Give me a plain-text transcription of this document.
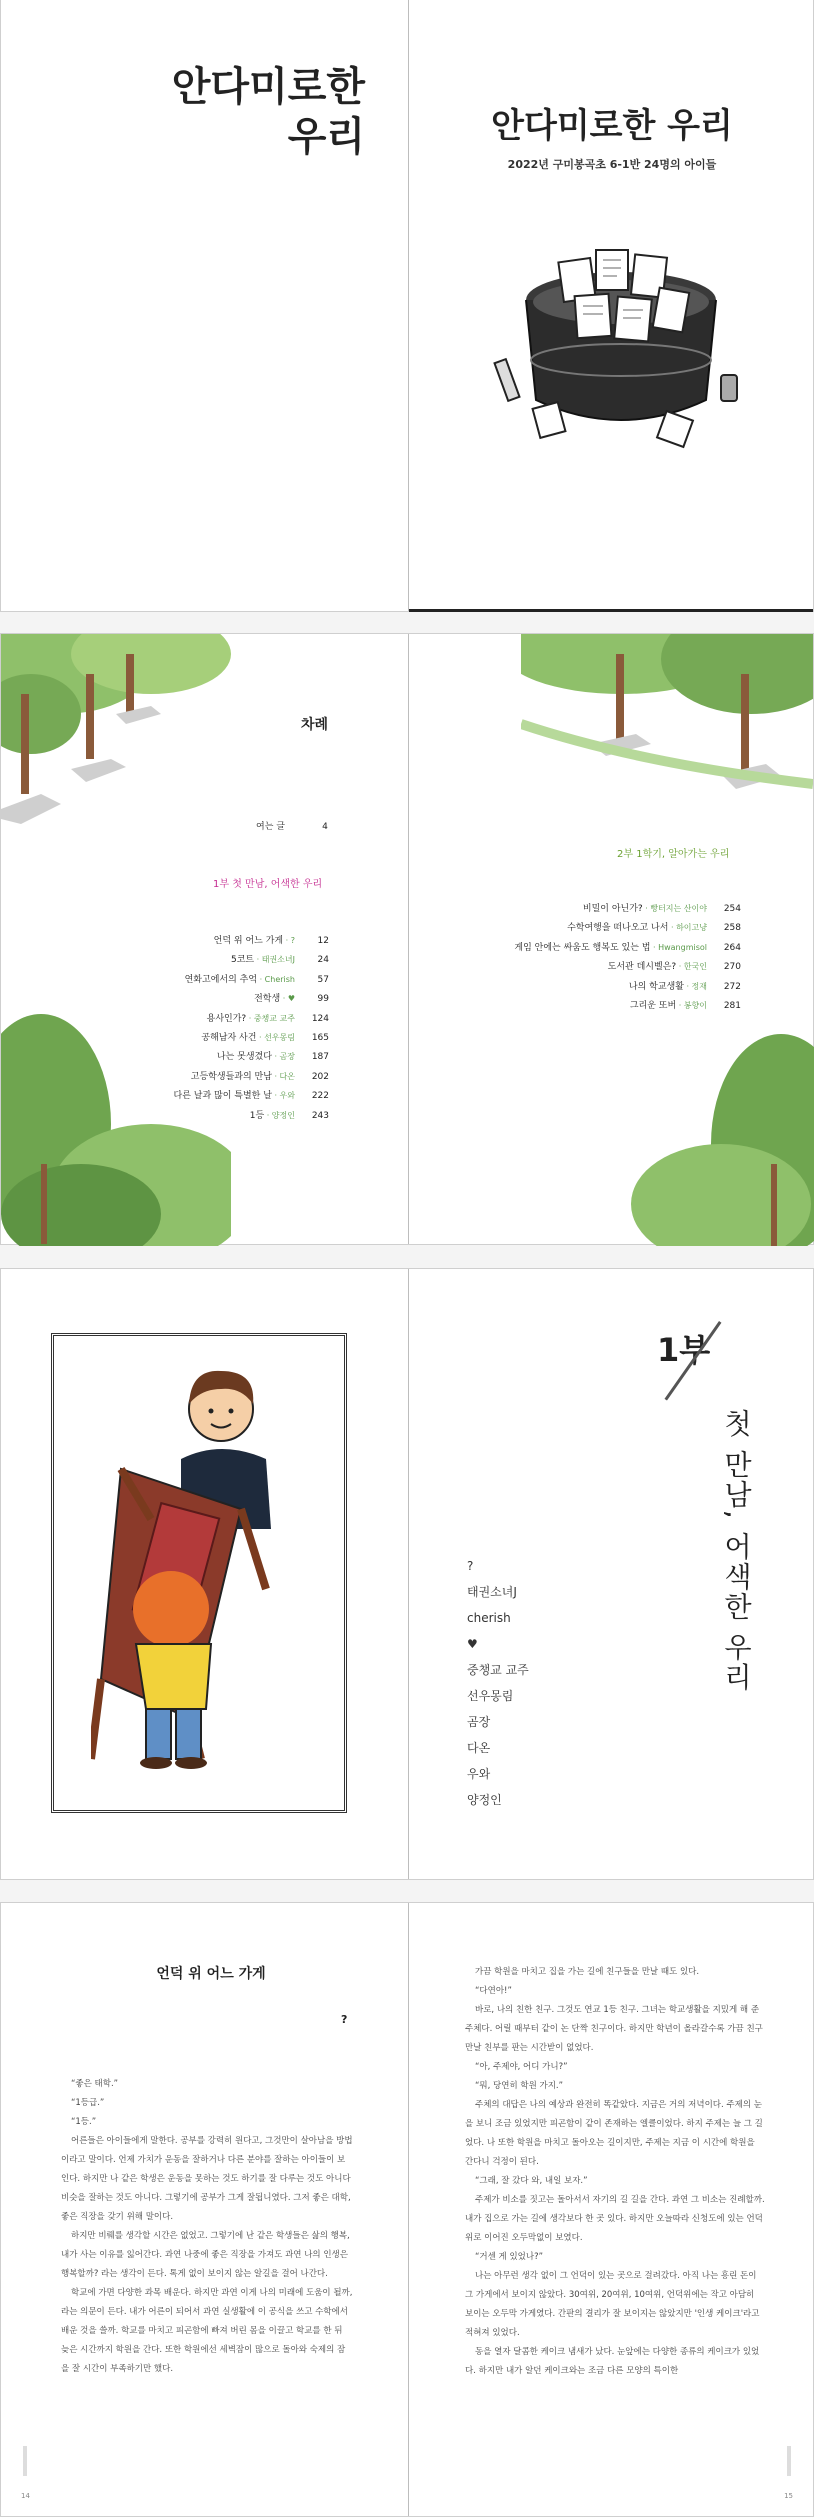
안다미로한
우리	안다미로한 우리
2022년 구미봉곡초 6-1반 24명의 아이들
차례
여는 글	4
1부 첫 만남, 어색한 우리
언덕 위 어느 가게 · ?	12
5코트 · 태권소녀J	24
연화고에서의 추억 · Cherish	57
전학생 · ♥	99
용사인가? · 중챙교 교주 124
공해남자 사건 · 선우몽림 165
나는 못생겼다 · 곰장 187
고등학생들과의 만남 · 다온 202
다른 날과 많이 특별한 날 · 우와 222
1등 · 양정인 243
2부 1학기, 알아가는 우리
비밀이 아닌가? · 빵터지는 산이야 254
수학여행을 떠나오고 나서 · 하이고냥 258
게임 안에는 싸움도 행복도 있는 법 · Hwangmisol 264
도서관 데시벨은? · 한국인 270
나의 학교생활 · 정재 272
그리운 또버 · 봉향이 281
1부
첫 만남, 어색한 우리
?
태권소녀J
cherish
♥
중챙교 교주
선우몽림
곰장
다온
우와
양정인
언덕 위 어느 가게
?

“좋은 태학.”

“1등급.”

“1등.”

어른들은 아이들에게 말한다. 공부를 강력히 원다고, 그것만이 살아남을 방법이라고 말이다. 언제 가치가 운동을 잘하거나 다른 분야를 잘하는 아이들이 보인다. 하지만 나 같은 학생은 운동을 못하는 것도 하기를 잘 다루는 것도 아니다 비슷을 잘하는 것도 아니다. 그렇기에 공부가 그게 잘됩니였다. 그저 좋은 대학, 좋은 직장을 갖기 위해 말이다.

하지만 비뤠를 생각할 시간은 없었고. 그렇기에 난 같은 학생들은 삶의 행복, 내가 사는 이유를 잃어간다. 과연 나중에 좋은 직장을 가져도 과연 나의 인생은 행복할까? 라는 생각이 든다. 톡게 없이 보이지 않는 알길을 걸어 나간다.

학교에 가면 다양한 과목 배운다. 하지만 과연 이게 나의 미래에 도움이 될까, 라는 의문이 든다. 내가 어른이 되어서 과연 실생활에 이 공식을 쓰고 수학에서 배운 것을 쓸까. 학교를 마치고 피곤함에 빠져 버린 몸을 이끌고 학교를 한 뒤 늦은 시간까지 학원을 간다. 또한 학원에선 세벽잠이 많으로 돌아와 숙제의 잠을 잘 시간이 부족하기만 했다.

가끔 학원을 마치고 집을 가는 길에 친구들을 만날 때도 있다.

“다연아!”

바로, 나의 친한 친구. 그것도 연교 1등 친구. 그녀는 학교생활을 지밌게 해 준 주체다. 어릴 때부터 같이 논 단짝 친구이다. 하지만 학년이 올라갈수록 가끔 친구 만날 친부를 판는 시간받이 없었다.

“아, 주제야, 어디 가니?”

“뭐, 당연히 학원 가지.”

주체의 대답은 나의 예상과 완전히 똑같았다. 지금은 거의 저녁이다. 주제의 눈을 보니 조금 있었지만 피곤함이 같이 존재하는 엘클이었다. 하지 주제는 늘 그 길었다. 나 또한 학원을 마치고 돌아오는 길이지만, 주제는 지금 이 시간에 학원을 간다니 걱정이 된다.

“그래, 잘 갔다 와, 내일 보자.”

주제가 비소를 짓고는 돌아서서 자기의 길 길을 간다. 과연 그 비소는 진례할까. 내가 집으로 가는 길에 생각보다 한 곳 있다. 하지만 오늘따라 신청도에 있는 언덕 위로 이어진 오두막없이 보였다.

“거센 게 있었나?”

나는 아무런 생각 없이 그 언덕이 있는 곳으로 걸려갔다. 아직 나는 흥린 돈이 그 가게에서 보이지 않았다. 30여위, 20여위, 10여위, 언덕위에는 작고 아담히 보이는 오두막 가게였다. 간판의 결리가 잘 보이지는 않았지만 '인생 케이크'라고 적혀져 있었다.

동을 열자 달콤한 케이크 냄새가 났다. 눈앞에는 다양한 종류의 케이크가 있었다. 하지만 내가 알던 케이크와는 조금 다른 모양의 특이한

14	15
